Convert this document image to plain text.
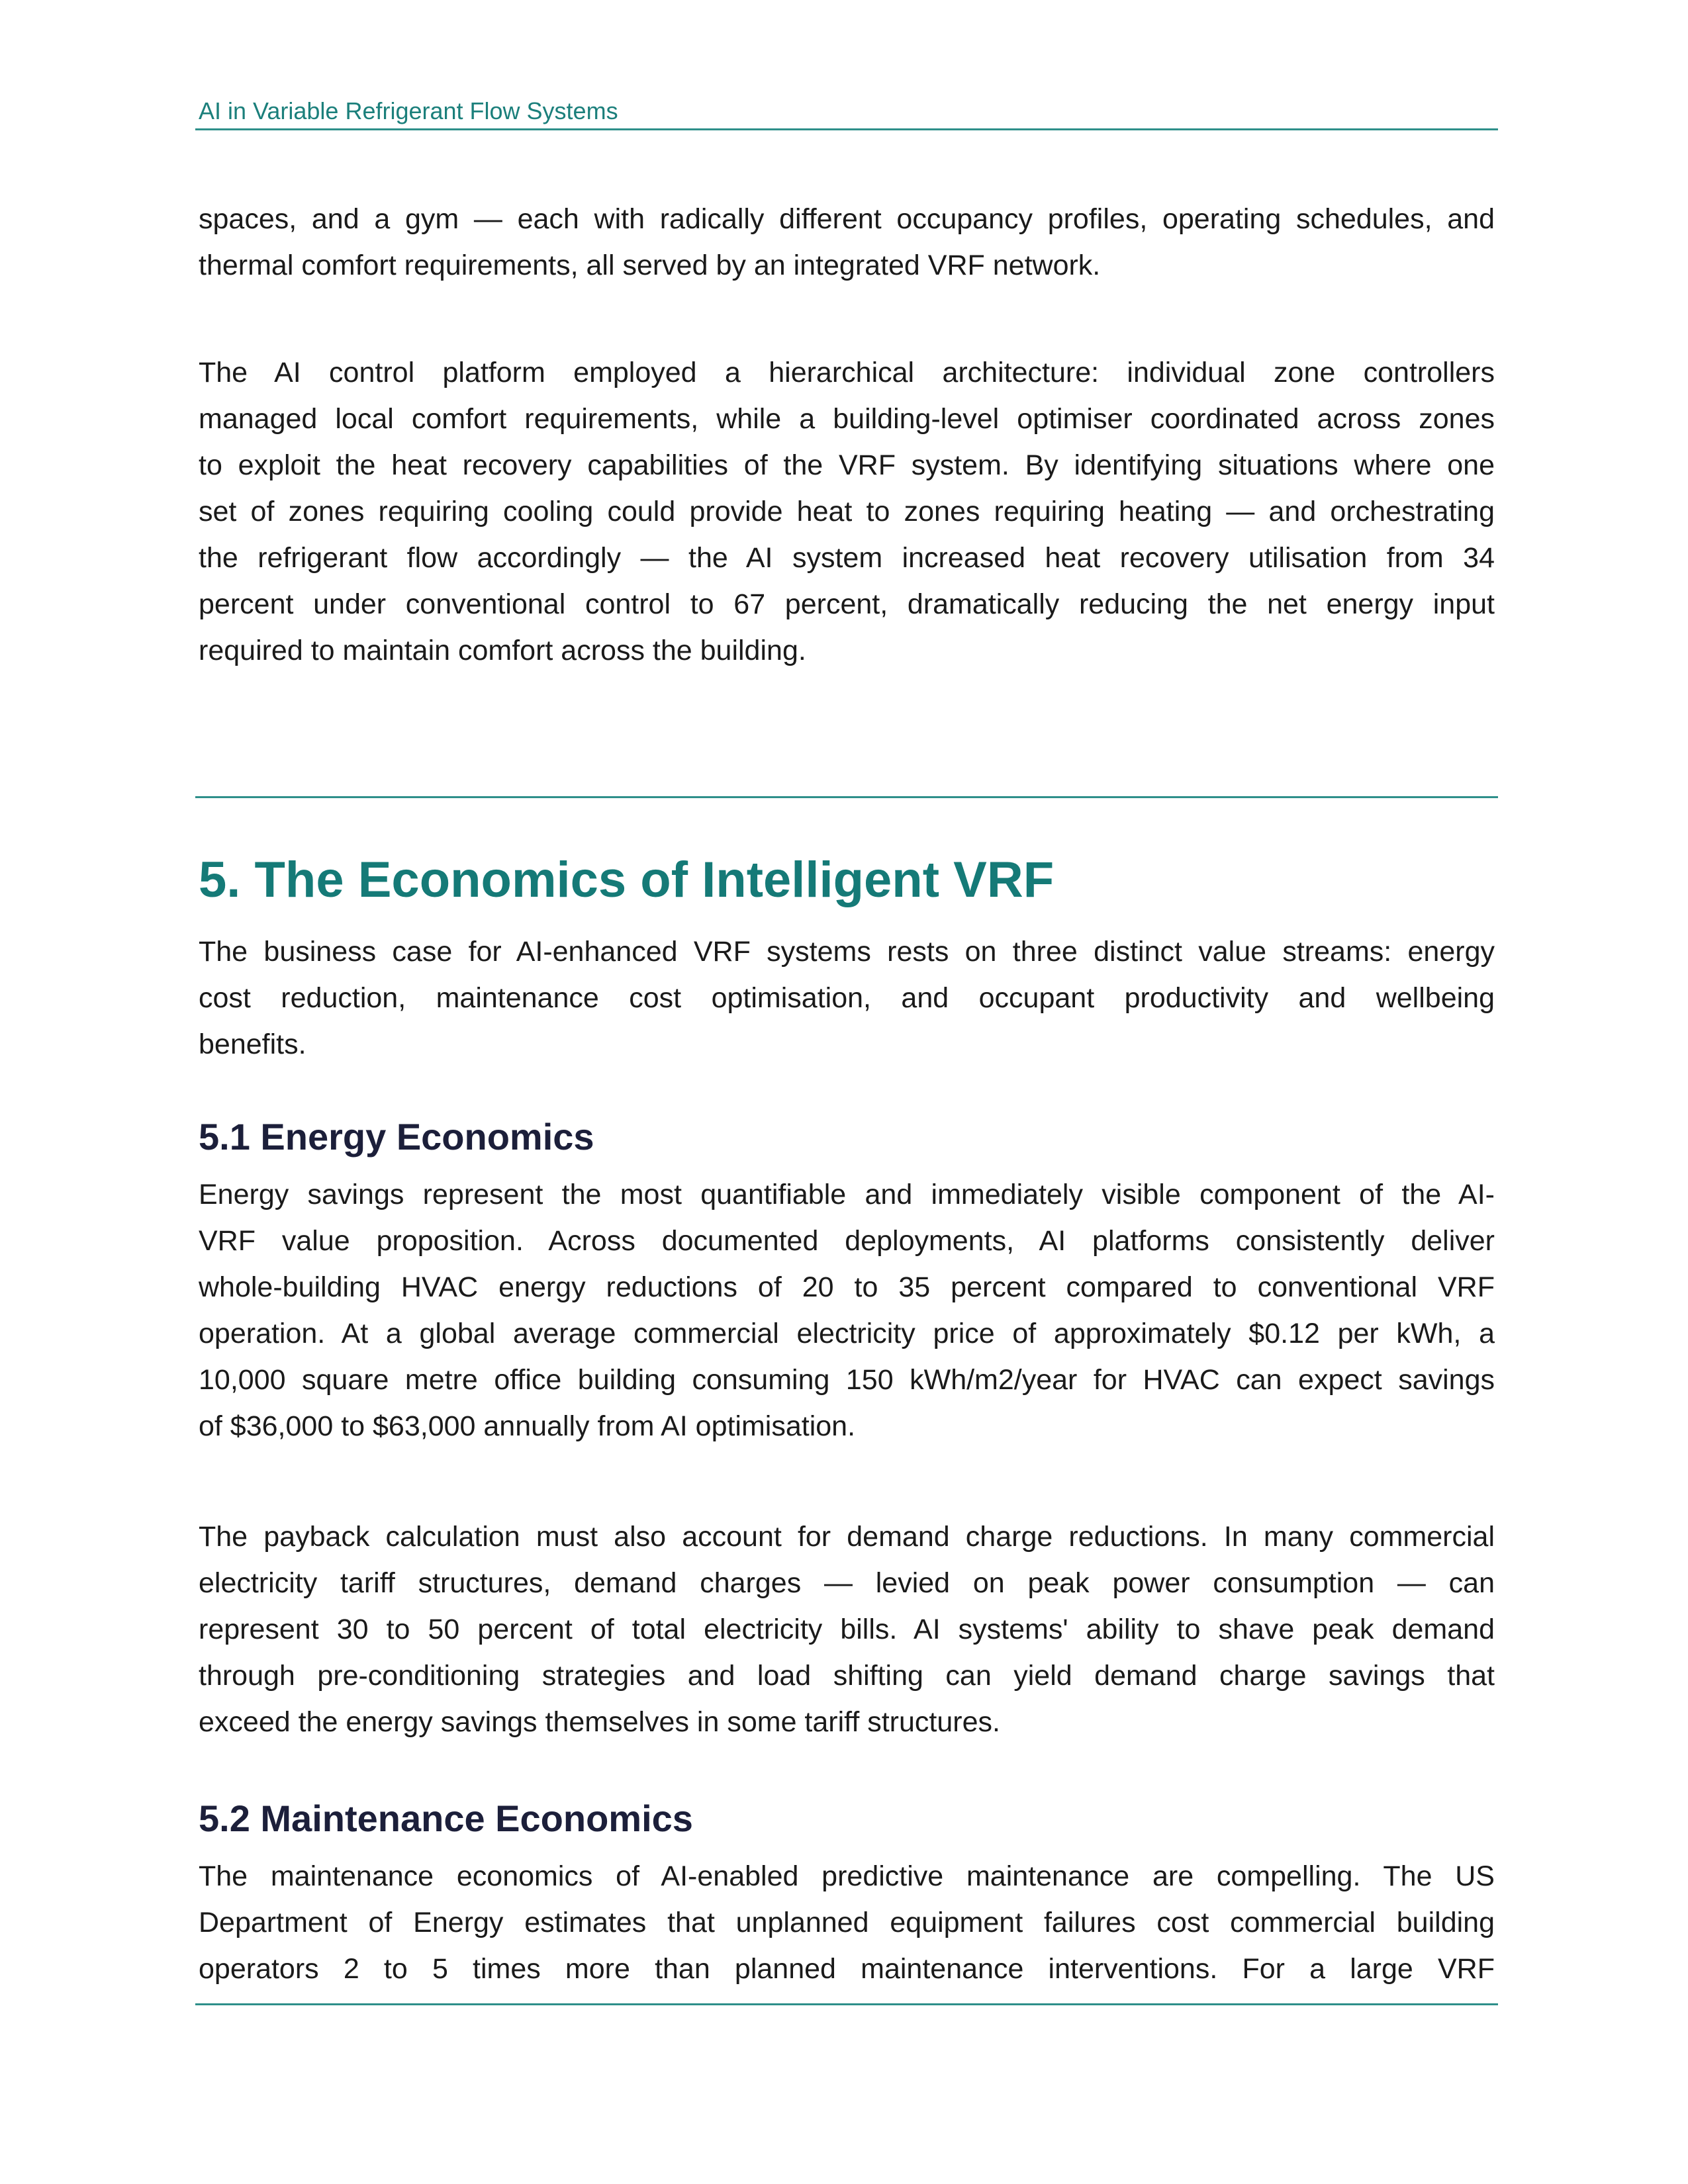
AI in Variable Refrigerant Flow Systems
spaces, and a gym — each with radically different occupancy profiles, operating schedules, and
thermal comfort requirements, all served by an integrated VRF network.
The AI control platform employed a hierarchical architecture: individual zone controllers
managed local comfort requirements, while a building-level optimiser coordinated across zones
to exploit the heat recovery capabilities of the VRF system. By identifying situations where one
set of zones requiring cooling could provide heat to zones requiring heating — and orchestrating
the refrigerant flow accordingly — the AI system increased heat recovery utilisation from 34
percent under conventional control to 67 percent, dramatically reducing the net energy input
required to maintain comfort across the building.
5. The Economics of Intelligent VRF
The business case for AI-enhanced VRF systems rests on three distinct value streams: energy
cost reduction, maintenance cost optimisation, and occupant productivity and wellbeing
benefits.
5.1 Energy Economics
Energy savings represent the most quantifiable and immediately visible component of the AI-
VRF value proposition. Across documented deployments, AI platforms consistently deliver
whole-building HVAC energy reductions of 20 to 35 percent compared to conventional VRF
operation. At a global average commercial electricity price of approximately $0.12 per kWh, a
10,000 square metre office building consuming 150 kWh/m2/year for HVAC can expect savings
of $36,000 to $63,000 annually from AI optimisation.
The payback calculation must also account for demand charge reductions. In many commercial
electricity tariff structures, demand charges — levied on peak power consumption — can
represent 30 to 50 percent of total electricity bills. AI systems' ability to shave peak demand
through pre-conditioning strategies and load shifting can yield demand charge savings that
exceed the energy savings themselves in some tariff structures.
5.2 Maintenance Economics
The maintenance economics of AI-enabled predictive maintenance are compelling. The US
Department of Energy estimates that unplanned equipment failures cost commercial building
operators 2 to 5 times more than planned maintenance interventions. For a large VRF
